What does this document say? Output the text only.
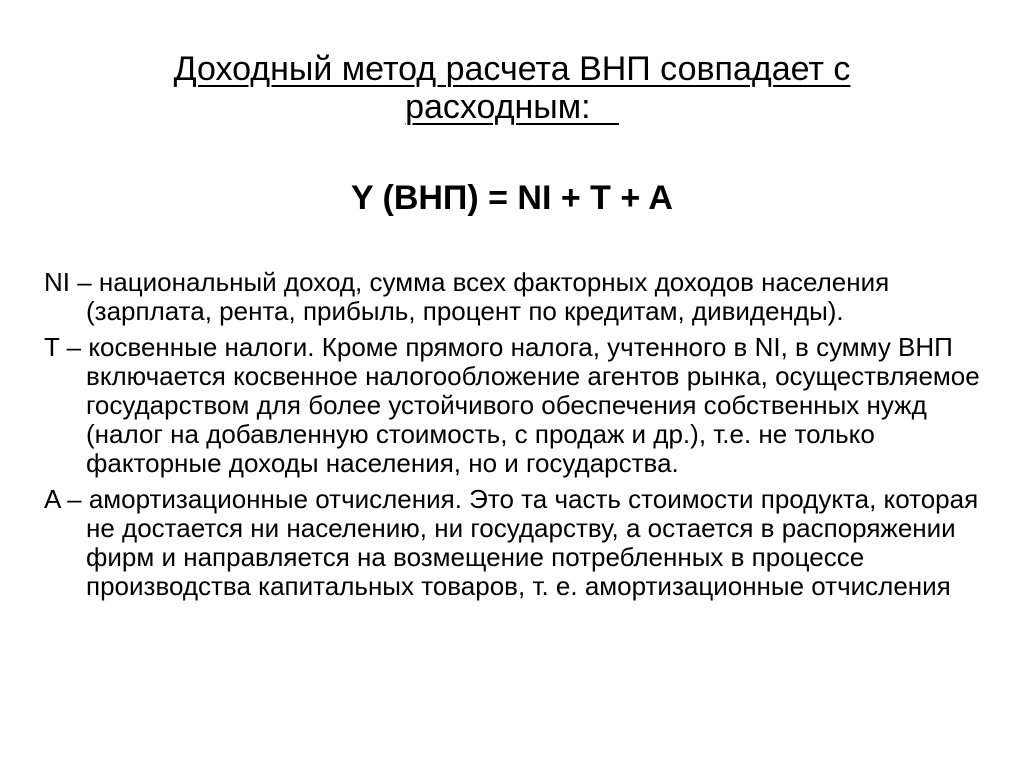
Доходный метод расчета ВНП совпадает с
расходным:

Y (ВНП) = NI + T + A

NI – национальный доход, сумма всех факторных доходов населения (зарплата, рента, прибыль, процент по кредитам, дивиденды).
T – косвенные налоги. Кроме прямого налога, учтенного в NI, в сумму ВНП включается косвенное налогообложение агентов рынка, осуществляемое государством для более устойчивого обеспечения собственных нужд (налог на добавленную стоимость, с продаж и др.), т.е. не только факторные доходы населения, но и государства.
A – амортизационные отчисления. Это та часть стоимости продукта, которая не достается ни населению, ни государству, а остается в распоряжении фирм и направляется на возмещение потребленных в процессе производства капитальных товаров, т. е. амортизационные отчисления
